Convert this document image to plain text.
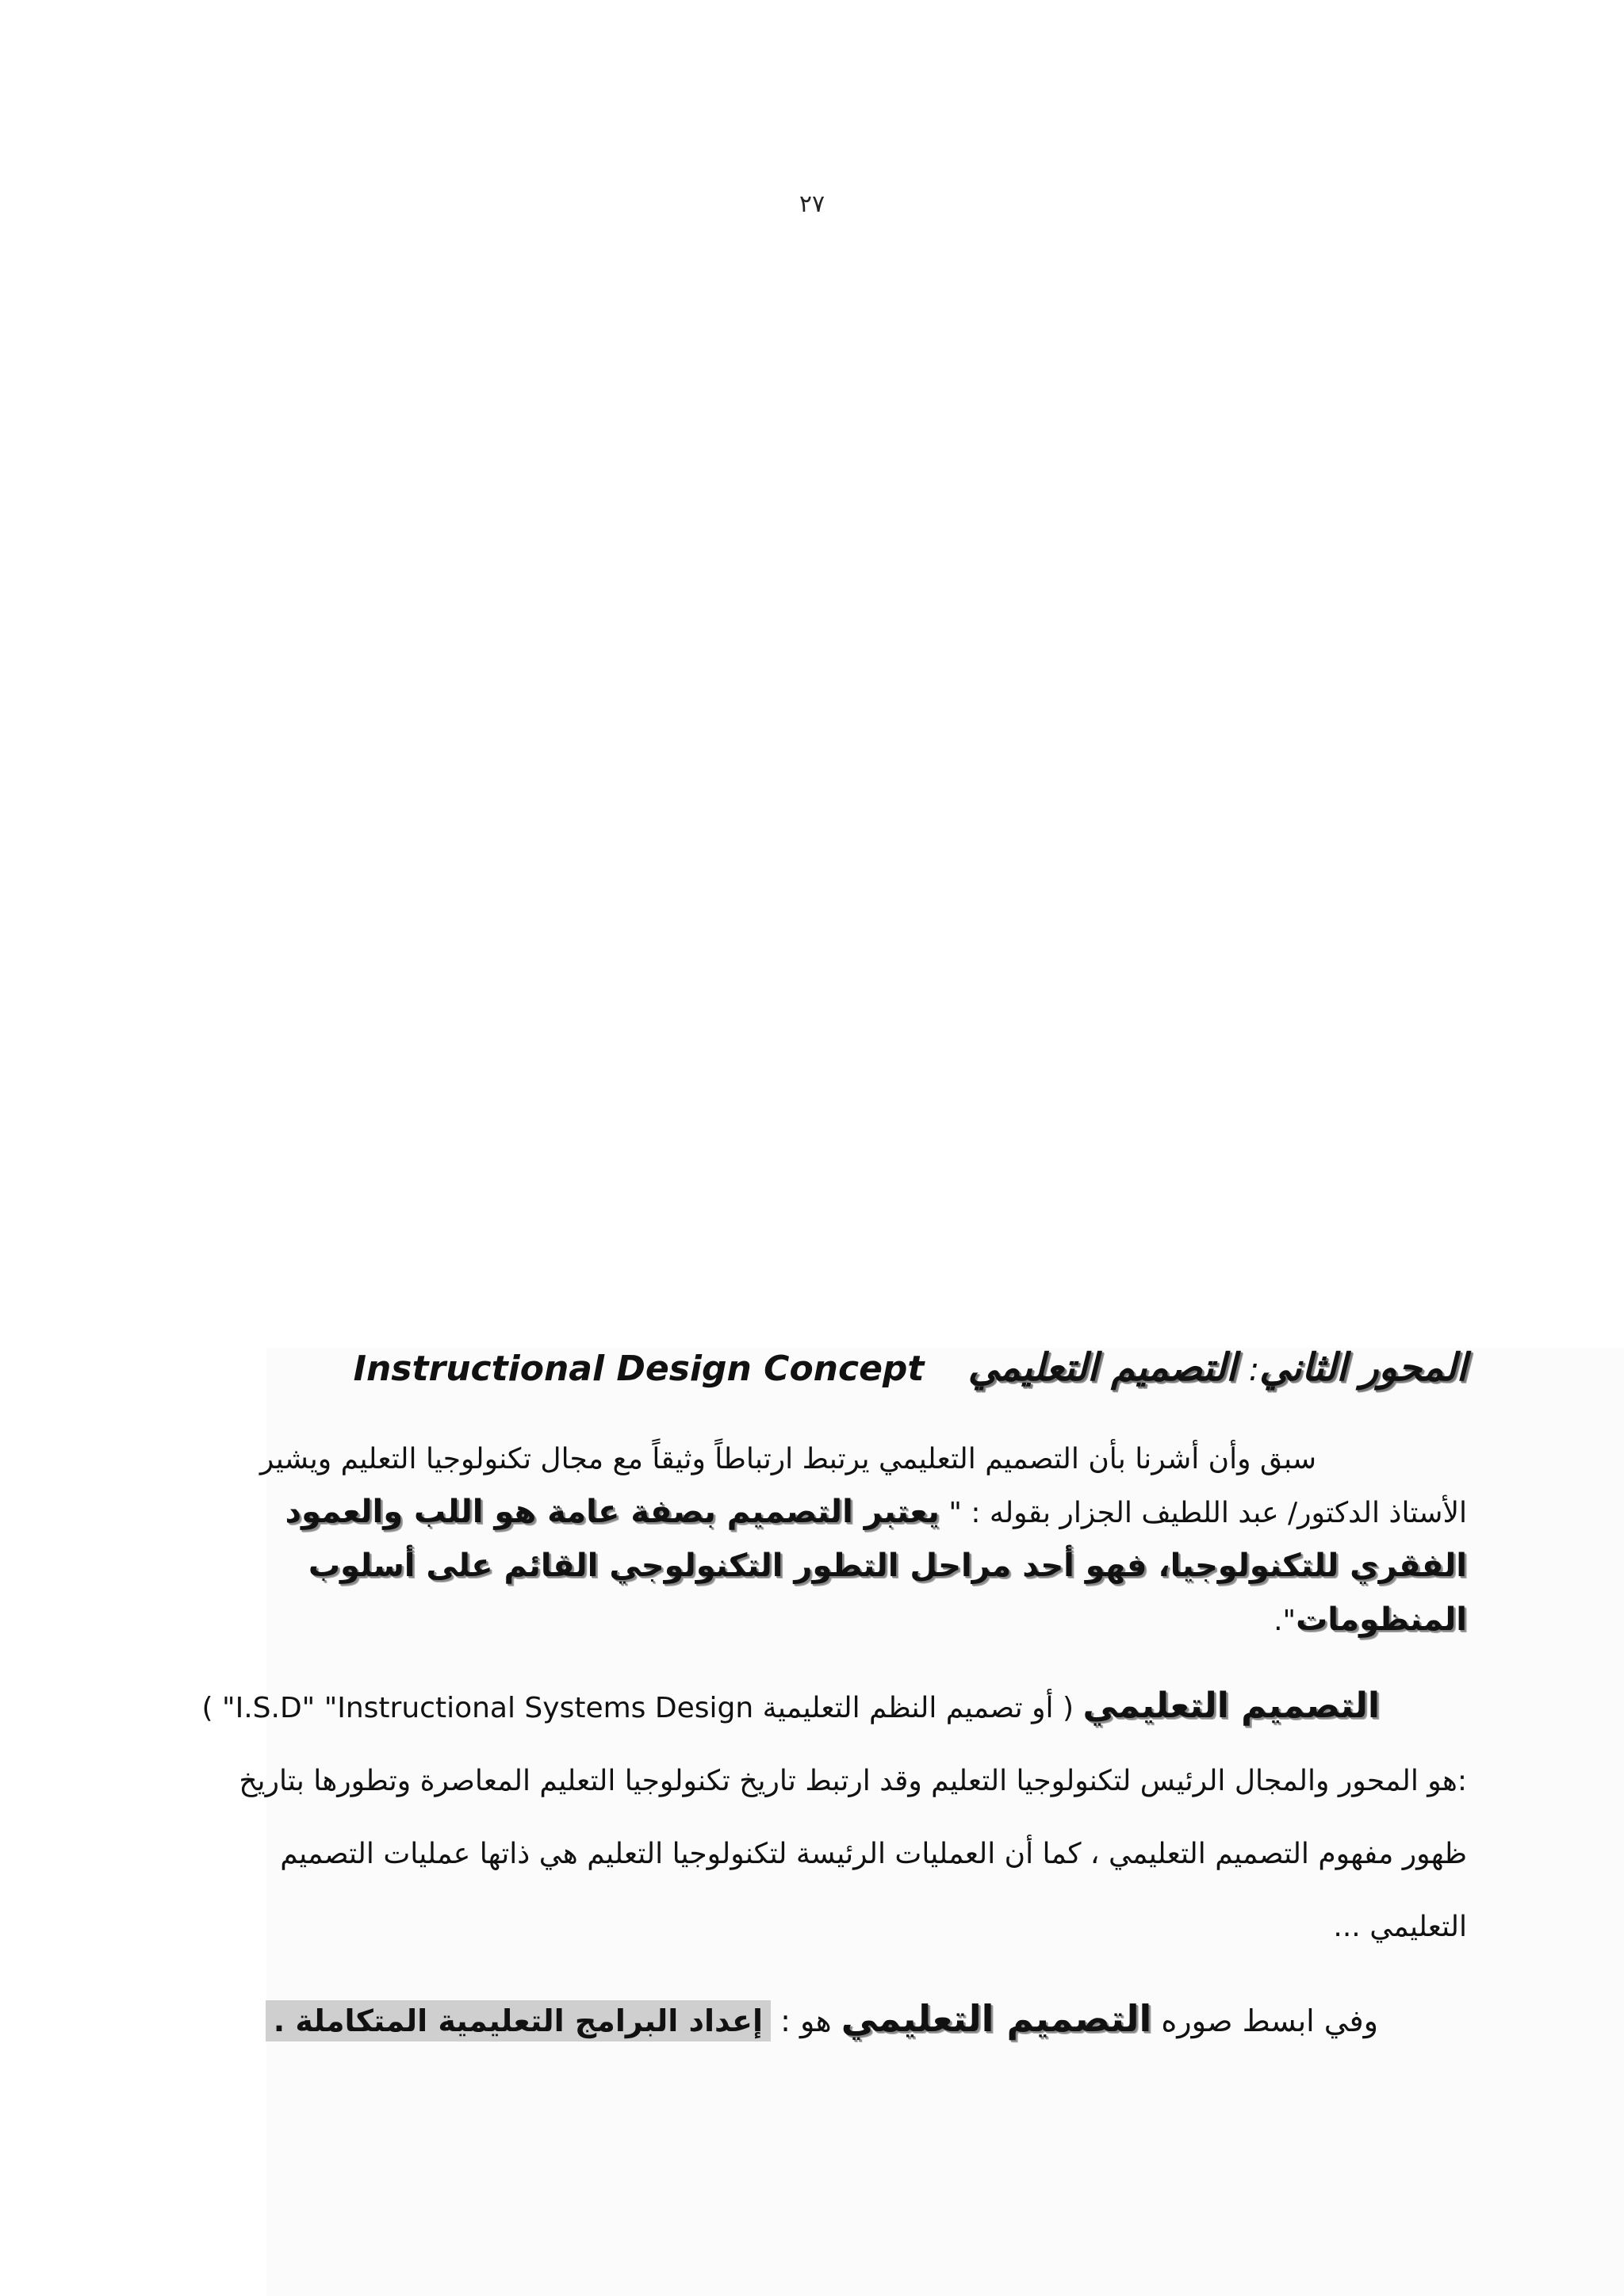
٢٧
المحور الثاني: التصميم التعليمي Instructional Design Concept
سبق وأن أشرنا بأن التصميم التعليمي يرتبط ارتباطاً وثيقاً مع مجال تكنولوجيا التعليم ويشير الأستاذ الدكتور/ عبد اللطيف الجزار بقوله : " يعتبر التصميم بصفة عامة هو اللب والعمود الفقري للتكنولوجيا، فهو أحد مراحل التطور التكنولوجي القائم على أسلوب المنظومات".
التصميم التعليمي ( أو تصميم النظم التعليمية "Instructional Systems Design "I.S.D" ) :هو المحور والمجال الرئيس لتكنولوجيا التعليم وقد ارتبط تاريخ تكنولوجيا التعليم المعاصرة وتطورها بتاريخ ظهور مفهوم التصميم التعليمي ، كما أن العمليات الرئيسة لتكنولوجيا التعليم هي ذاتها عمليات التصميم التعليمي ...
وفي ابسط صوره التصميم التعليمي هو : إعداد البرامج التعليمية المتكاملة .
